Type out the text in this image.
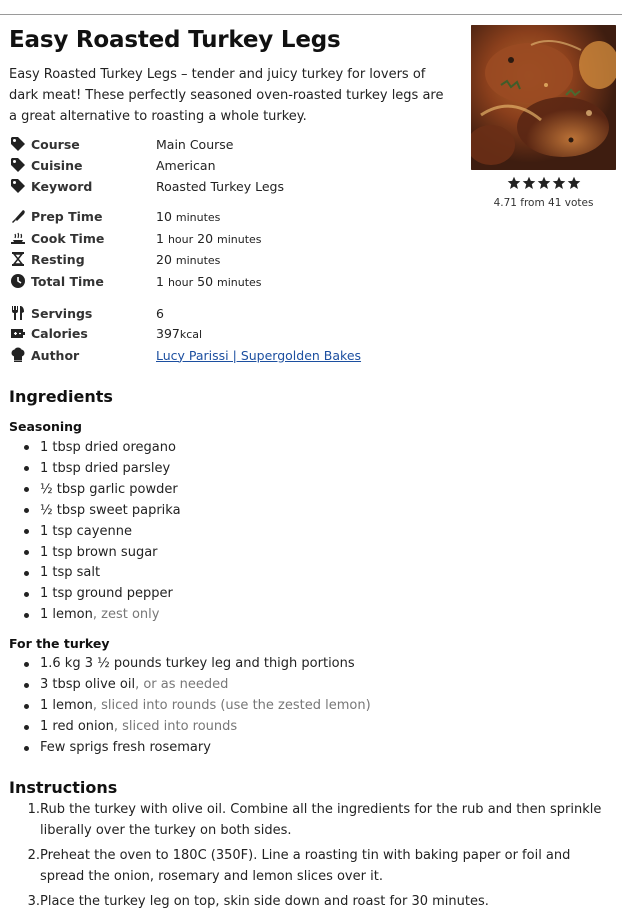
Easy Roasted Turkey Legs
Easy Roasted Turkey Legs – tender and juicy turkey for lovers of dark meat! These perfectly seasoned oven-roasted turkey legs are a great alternative to roasting a whole turkey.
4.71 from 41 votes
Course	Main Course
Cuisine	American
Keyword	Roasted Turkey Legs
Prep Time	10 minutes
Cook Time	1 hour 20 minutes
Resting	20 minutes
Total Time	1 hour 50 minutes
Servings	6
Calories	397kcal
Author	Lucy Parissi | Supergolden Bakes
Ingredients
Seasoning
1 tbsp dried oregano
1 tbsp dried parsley
½ tbsp garlic powder
½ tbsp sweet paprika
1 tsp cayenne
1 tsp brown sugar
1 tsp salt
1 tsp ground pepper
1 lemon, zest only
For the turkey
1.6 kg 3 ½ pounds turkey leg and thigh portions
3 tbsp olive oil, or as needed
1 lemon, sliced into rounds (use the zested lemon)
1 red onion, sliced into rounds
Few sprigs fresh rosemary
Instructions
1. Rub the turkey with olive oil. Combine all the ingredients for the rub and then sprinkle liberally over the turkey on both sides.
2. Preheat the oven to 180C (350F). Line a roasting tin with baking paper or foil and spread the onion, rosemary and lemon slices over it.
3. Place the turkey leg on top, skin side down and roast for 30 minutes.
